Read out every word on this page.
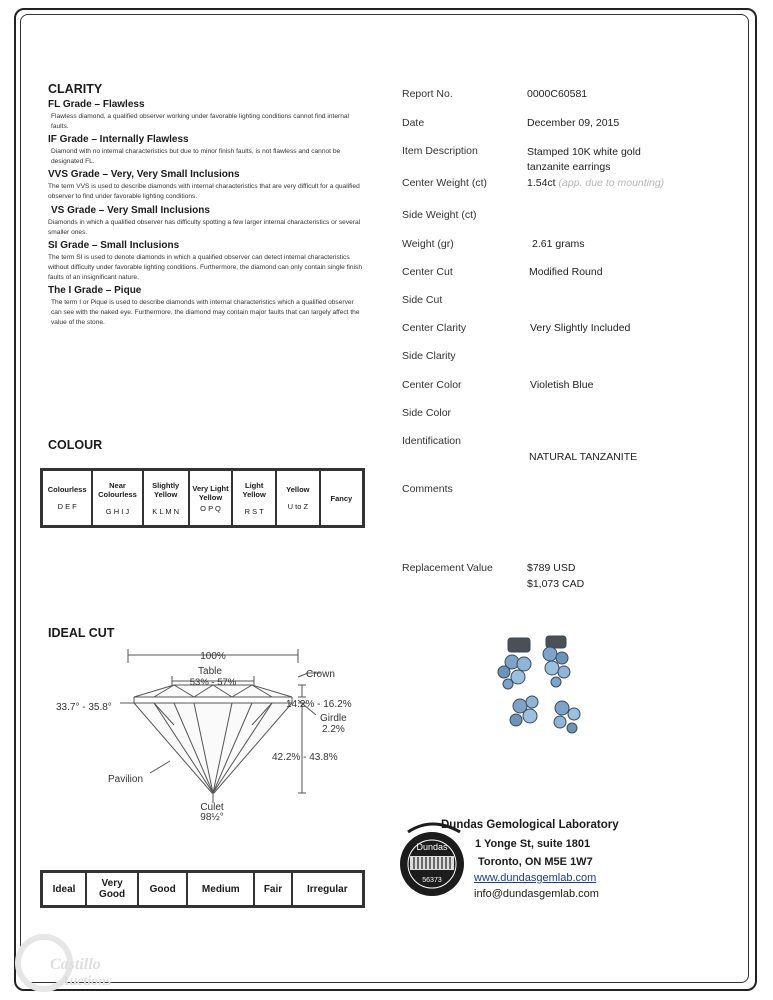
CLARITY
FL Grade – Flawless
Flawless diamond, a qualified observer working under favorable lighting conditions cannot find internal faults.
IF Grade – Internally Flawless
Diamond with no internal characteristics but due to minor finish faults, is not flawless and cannot be designated FL.
VVS Grade – Very, Very Small Inclusions
The term VVS is used to describe diamonds with internal characteristics that are very difficult for a qualified observer to find under favorable lighting conditions.
VS Grade – Very Small Inclusions
Diamonds in which a qualified observer has difficulty spotting a few larger internal characteristics or several smaller ones.
SI Grade – Small Inclusions
The term SI is used to denote diamonds in which a qualified observer can detect internal characteristics without difficulty under favorable lighting conditions. Furthermore, the diamond can only contain single finish faults of an insignificant nature.
The I Grade – Pique
The term I or Pique is used to describe diamonds with internal characteristics which a qualified observer can see with the naked eye. Furthermore, the diamond may contain major faults that can largely affect the value of the stone.
COLOUR
Colourless
D E F

Near Colourless
G H I J

Slightly Yellow
K L M N

Very Light Yellow
O P Q

Light Yellow
R S T

Yellow
U to Z

Fancy
IDEAL CUT
100%
Table
53% - 57%
Crown
33.7° - 35.8°	14.2% - 16.2%
Girdle
2.2%
42.2% - 43.8%
Pavilion
Culet
98½°
Ideal	Very Good	Good	Medium	Fair	Irregular
Report No.	0000C60581
Date	December 09, 2015
Item Description	Stamped 10K white gold tanzanite earrings
Center Weight (ct)	1.54ct (app. due to mounting)
Side Weight (ct)
Weight (gr)	2.61 grams
Center Cut	Modified Round
Side Cut
Center Clarity	Very Slightly Included
Side Clarity
Center Color	Violetish Blue
Side Color
Identification
NATURAL TANZANITE
Comments
Replacement Value	$789 USD
$1,073 CAD
Dundas
56373
Dundas Gemological Laboratory
1 Yonge St, suite 1801
Toronto, ON M5E 1W7
www.dundasgemlab.com
info@dundasgemlab.com
Castillo
Auctions
